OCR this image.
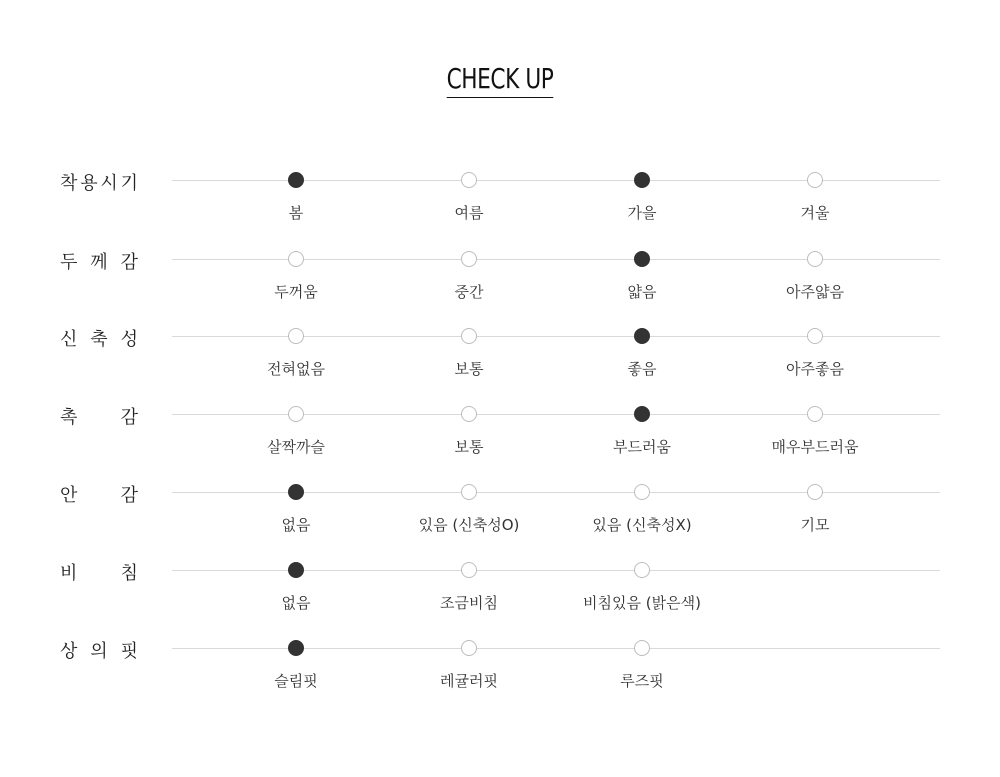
CHECK UP
착 용 시 기
봄	여름	가을	겨울
두 께 감
두꺼움	중간	얇음	아주얇음
신 축 성
전혀없음	보통	좋음	아주좋음
촉 감
살짝까슬	보통	부드러움	매우부드러움
안 감
없음	있음 (신축성O)	있음 (신축성X)	기모
비 침
없음	조금비침	비침있음 (밝은색)
상 의 핏
슬림핏	레귤러핏	루즈핏
